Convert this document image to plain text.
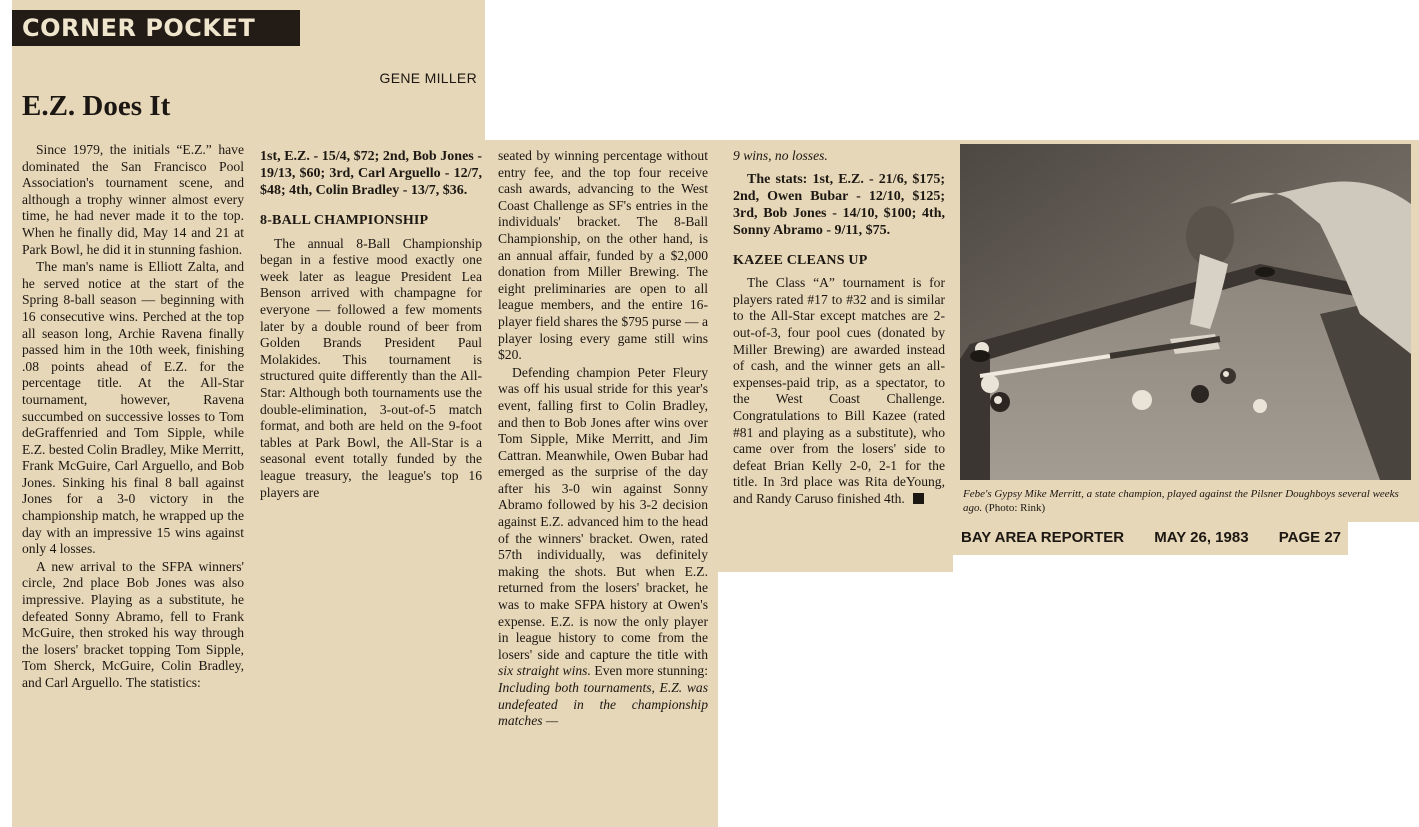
CORNER POCKET
GENE MILLER
E.Z. Does It

Since 1979, the initials “E.Z.” have dominated the San Francisco Pool Association's tournament scene, and although a trophy winner almost every time, he had never made it to the top. When he finally did, May 14 and 21 at Park Bowl, he did it in stunning fashion.

The man's name is Elliott Zalta, and he served notice at the start of the Spring 8-ball season — beginning with 16 consecutive wins. Perched at the top all season long, Archie Ravena finally passed him in the 10th week, finishing .08 points ahead of E.Z. for the percentage title. At the All-Star tournament, however, Ravena succumbed on successive losses to Tom deGraffenried and Tom Sipple, while E.Z. bested Colin Bradley, Mike Merritt, Frank McGuire, Carl Arguello, and Bob Jones. Sinking his final 8 ball against Jones for a 3-0 victory in the championship match, he wrapped up the day with an impressive 15 wins against only 4 losses.

A new arrival to the SFPA winners' circle, 2nd place Bob Jones was also impressive. Playing as a substitute, he defeated Sonny Abramo, fell to Frank McGuire, then stroked his way through the losers' bracket topping Tom Sipple, Tom Sherck, McGuire, Colin Bradley, and Carl Arguello. The statistics:

1st, E.Z. - 15/4, $72; 2nd, Bob Jones - 19/13, $60; 3rd, Carl Arguello - 12/7, $48; 4th, Colin Bradley - 13/7, $36.

8-BALL CHAMPIONSHIP

The annual 8-Ball Championship began in a festive mood exactly one week later as league President Lea Benson arrived with champagne for everyone — followed a few moments later by a double round of beer from Golden Brands President Paul Molakides. This tournament is structured quite differently than the All-Star: Although both tournaments use the double-elimination, 3-out-of-5 match format, and both are held on the 9-foot tables at Park Bowl, the All-Star is a seasonal event totally funded by the league treasury, the league's top 16 players are

seated by winning percentage without entry fee, and the top four receive cash awards, advancing to the West Coast Challenge as SF's entries in the individuals' bracket. The 8-Ball Championship, on the other hand, is an annual affair, funded by a $2,000 donation from Miller Brewing. The eight preliminaries are open to all league members, and the entire 16-player field shares the $795 purse — a player losing every game still wins $20.

Defending champion Peter Fleury was off his usual stride for this year's event, falling first to Colin Bradley, and then to Bob Jones after wins over Tom Sipple, Mike Merritt, and Jim Cattran. Meanwhile, Owen Bubar had emerged as the surprise of the day after his 3-0 win against Sonny Abramo followed by his 3-2 decision against E.Z. advanced him to the head of the winners' bracket. Owen, rated 57th individually, was definitely making the shots. But when E.Z. returned from the losers' bracket, he was to make SFPA history at Owen's expense. E.Z. is now the only player in league history to come from the losers' side and capture the title with six straight wins. Even more stunning: Including both tournaments, E.Z. was undefeated in the championship matches —

9 wins, no losses.

The stats: 1st, E.Z. - 21/6, $175; 2nd, Owen Bubar - 12/10, $125; 3rd, Bob Jones - 14/10, $100; 4th, Sonny Abramo - 9/11, $75.

KAZEE CLEANS UP

The Class “A” tournament is for players rated #17 to #32 and is similar to the All-Star except matches are 2-out-of-3, four pool cues (donated by Miller Brewing) are awarded instead of cash, and the winner gets an all-expenses-paid trip, as a spectator, to the West Coast Challenge. Congratulations to Bill Kazee (rated #81 and playing as a substitute), who came over from the losers' side to defeat Brian Kelly 2-0, 2-1 for the title. In 3rd place was Rita deYoung, and Randy Caruso finished 4th.	Febe's Gypsy Mike Merritt, a state champion, played against the Pilsner Doughboys several weeks ago. (Photo: Rink)
BAY AREA REPORTER MAY 26, 1983 PAGE 27
